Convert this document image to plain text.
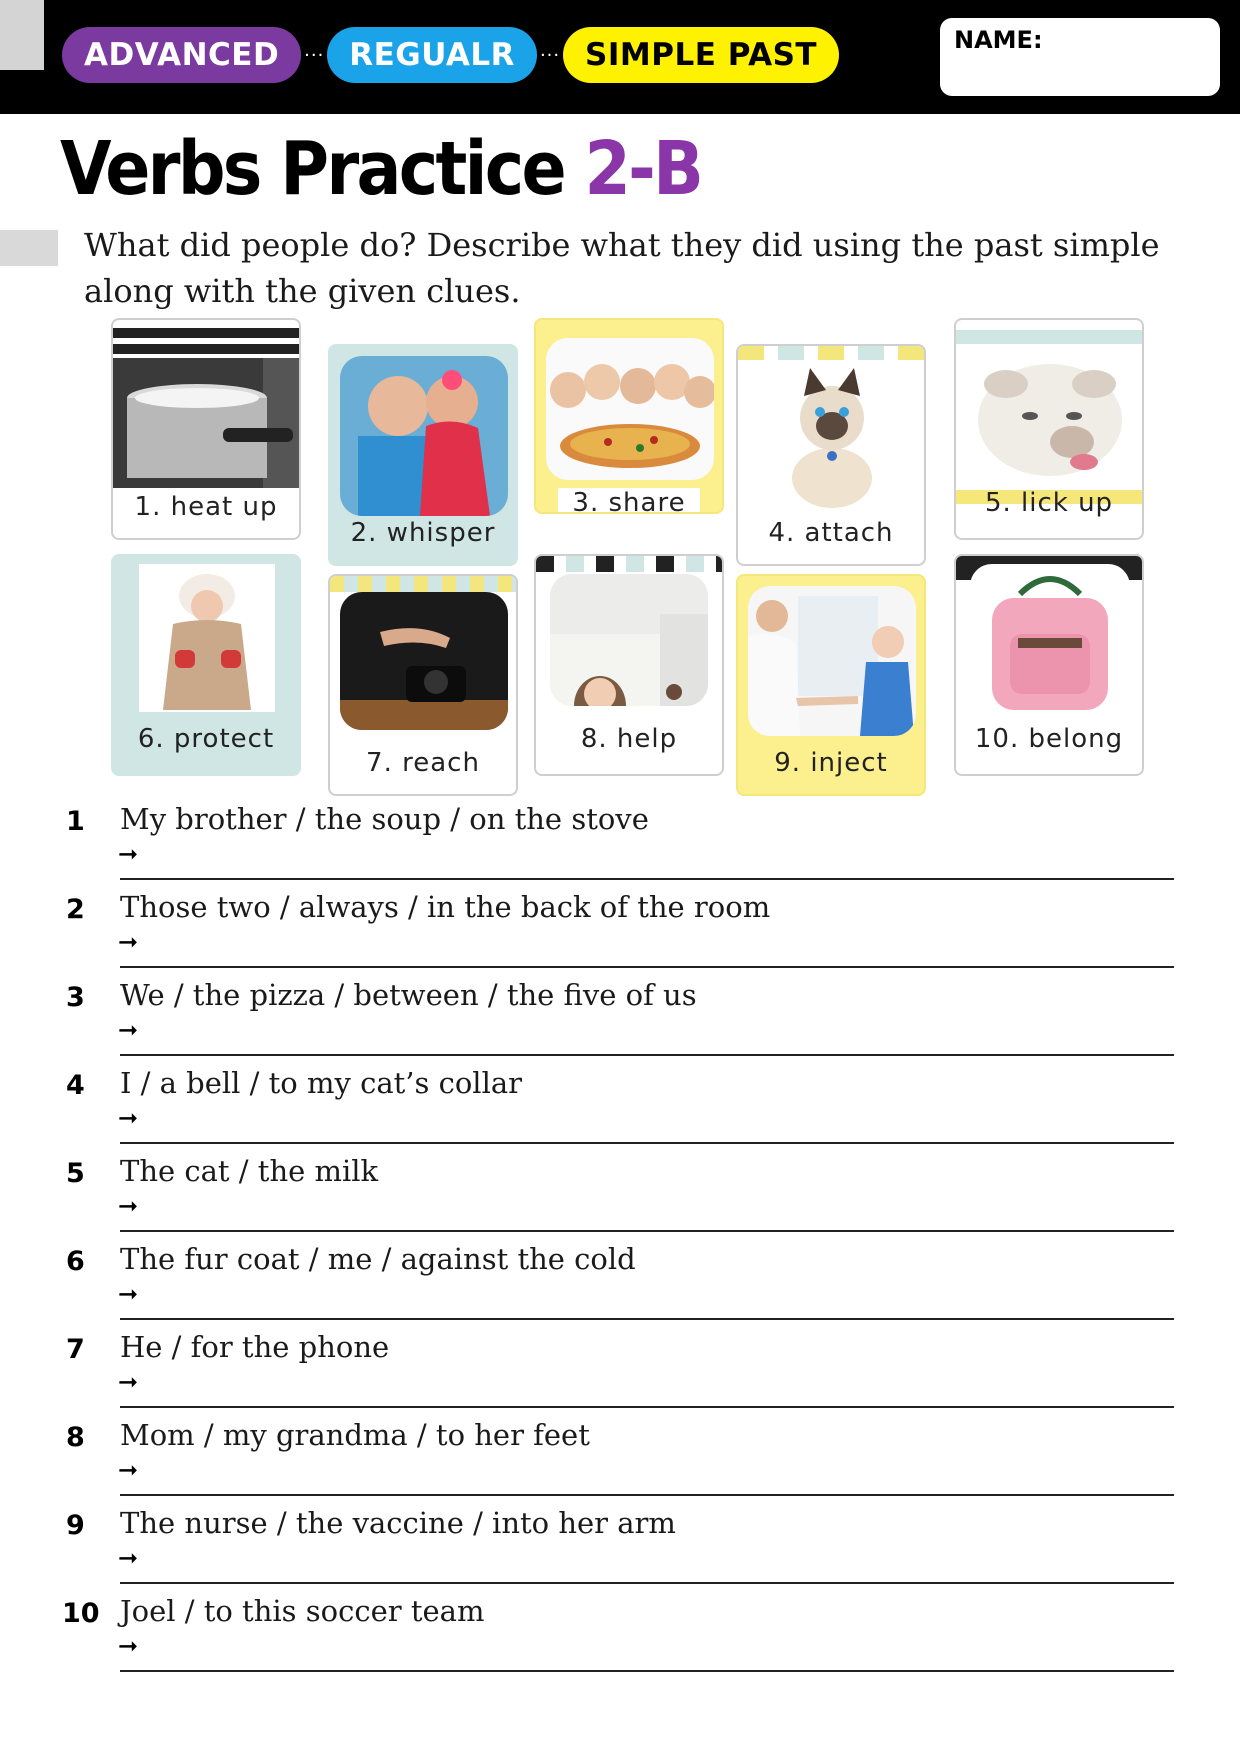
ADVANCED	··· REGUALR	··· SIMPLE PAST	NAME:
Verbs Practice 2-B
What did people do? Describe what they did using the past simple along with the given clues.
1. heat up
2. whisper
3. share
4. attach
5. lick up
6. protect
7. reach
8. help
9. inject
10. belong
1	My brother / the soup / on the stove
➞
2	Those two / always / in the back of the room
➞
3	We / the pizza / between / the five of us
➞
4	I / a bell / to my cat’s collar
➞
5	The cat / the milk
➞
6	The fur coat / me / against the cold
➞
7	He / for the phone
➞
8	Mom / my grandma / to her feet
➞
9	The nurse / the vaccine / into her arm
➞
10 Joel / to this soccer team
➞
